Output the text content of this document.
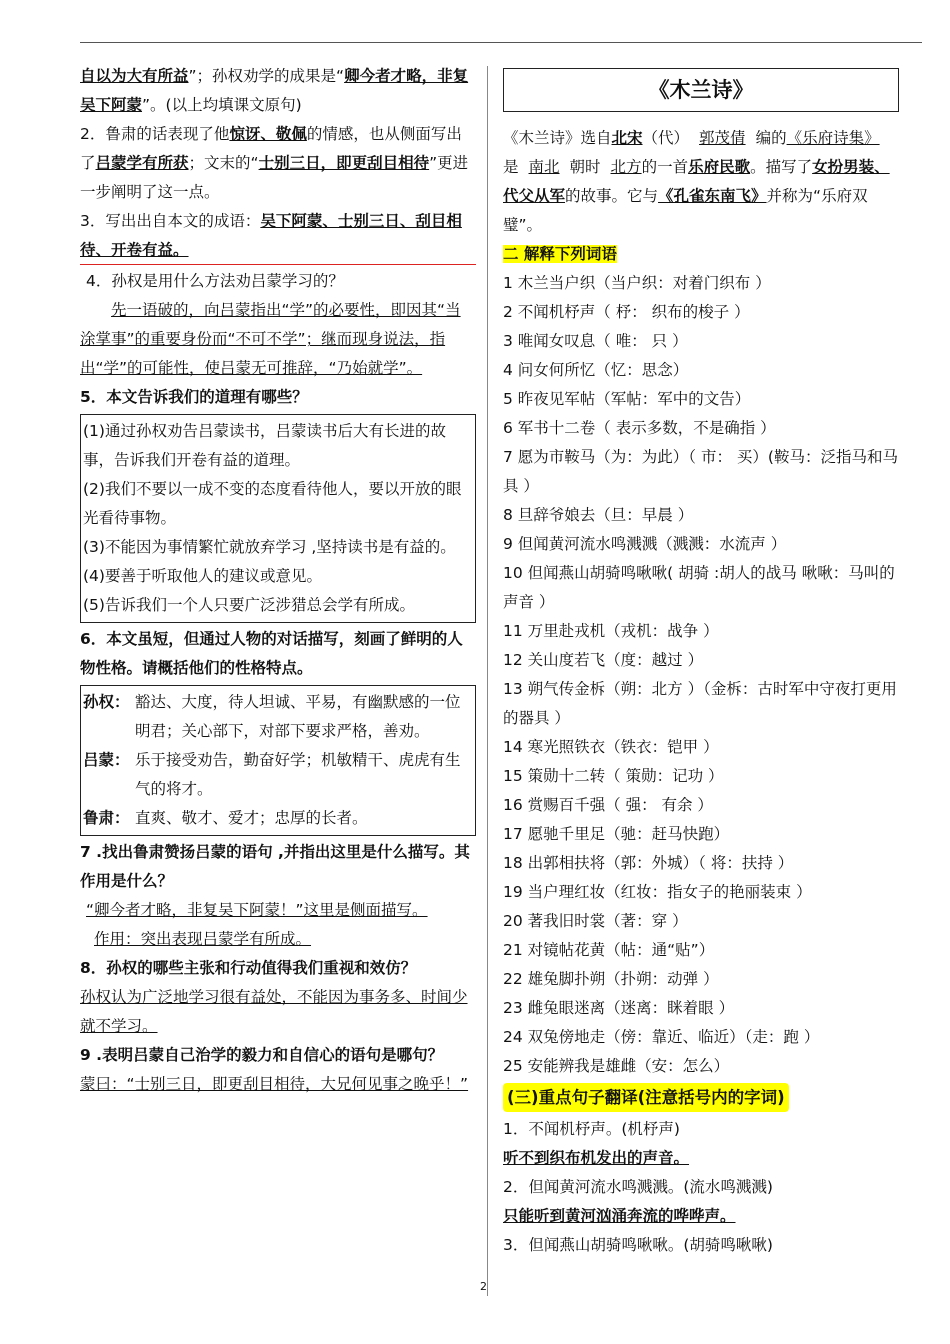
自以为大有所益”；孙权劝学的成果是“卿今者才略，非复吴下阿蒙”。(以上均填课文原句)

2．鲁肃的话表现了他惊讶、敬佩的情感，也从侧面写出了吕蒙学有所获；文末的“士别三日，即更刮目相待”更进一步阐明了这一点。

3．写出出自本文的成语：吴下阿蒙、士别三日、刮目相待、开卷有益。

4．孙权是用什么方法劝吕蒙学习的？

先一语破的，向吕蒙指出“学”的必要性，即因其“当涂掌事”的重要身份而“不可不学”；继而现身说法，指出“学”的可能性，使吕蒙无可推辞，“乃始就学”。

5．本文告诉我们的道理有哪些？

(1)通过孙权劝告吕蒙读书，吕蒙读书后大有长进的故事，告诉我们开卷有益的道理。

(2)我们不要以一成不变的态度看待他人，要以开放的眼光看待事物。

(3)不能因为事情繁忙就放弃学习 ,坚持读书是有益的。

(4)要善于听取他人的建议或意见。

(5)告诉我们一个人只要广泛涉猎总会学有所成。

6．本文虽短，但通过人物的对话描写，刻画了鲜明的人物性格。请概括他们的性格特点。

孙权： 豁达、大度，待人坦诚、平易，有幽默感的一位明君；关心部下，对部下要求严格，善劝。
吕蒙： 乐于接受劝告，勤奋好学；机敏精干、虎虎有生气的将才。
鲁肃： 直爽、敬才、爱才；忠厚的长者。

7 .找出鲁肃赞扬吕蒙的语句 ,并指出这里是什么描写。其作用是什么？

“卿今者才略，非复吴下阿蒙！”这里是侧面描写。

作用：突出表现吕蒙学有所成。

8．孙权的哪些主张和行动值得我们重视和效仿？

孙权认为广泛地学习很有益处，不能因为事务多、时间少就不学习。

9 .表明吕蒙自己治学的毅力和自信心的语句是哪句？

蒙曰：“士别三日，即更刮目相待，大兄何见事之晚乎！”

《木兰诗》

《木兰诗》选自北宋（代） 郭茂倩 编的《乐府诗集》是 南北 朝时 北方的一首乐府民歌。描写了女扮男装、代父从军的故事。它与《孔雀东南飞》并称为“乐府双璧”。

二 解释下列词语

1 木兰当户织（当户织：对着门织布 ）

2 不闻机杼声（ 杼： 织布的梭子 ）

3 唯闻女叹息（ 唯： 只 ）

4 问女何所忆（忆：思念）

5 昨夜见军帖（军帖：军中的文告）

6 军书十二卷（ 表示多数，不是确指 ）

7 愿为市鞍马（为：为此）（ 市： 买）(鞍马：泛指马和马具 ）

8 旦辞爷娘去（旦：早晨 ）

9 但闻黄河流水鸣溅溅（溅溅：水流声 ）

10 但闻燕山胡骑鸣啾啾( 胡骑 :胡人的战马 啾啾：马叫的声音 ）

11 万里赴戎机（戎机：战争 ）

12 关山度若飞（度：越过 ）

13 朔气传金柝（朔：北方 ）（金柝：古时军中守夜打更用的器具 ）

14 寒光照铁衣（铁衣：铠甲 ）

15 策勋十二转（ 策勋：记功 ）

16 赏赐百千强（ 强： 有余 ）

17 愿驰千里足（驰：赶马快跑）

18 出郭相扶将（郭：外城）（ 将：扶持 ）

19 当户理红妆（红妆：指女子的艳丽装束 ）

20 著我旧时裳（著：穿 ）

21 对镜帖花黄（帖：通“贴”）

22 雄兔脚扑朔（扑朔：动弹 ）

23 雌兔眼迷离（迷离：眯着眼 ）

24 双兔傍地走（傍：靠近、临近）（走：跑 ）

25 安能辨我是雄雌（安：怎么）

(三)重点句子翻译(注意括号内的字词)

1．不闻机杼声。(机杼声)

听不到织布机发出的声音。

2．但闻黄河流水鸣溅溅。(流水鸣溅溅)

只能听到黄河汹涌奔流的哗哗声。

3．但闻燕山胡骑鸣啾啾。(胡骑鸣啾啾)

2
